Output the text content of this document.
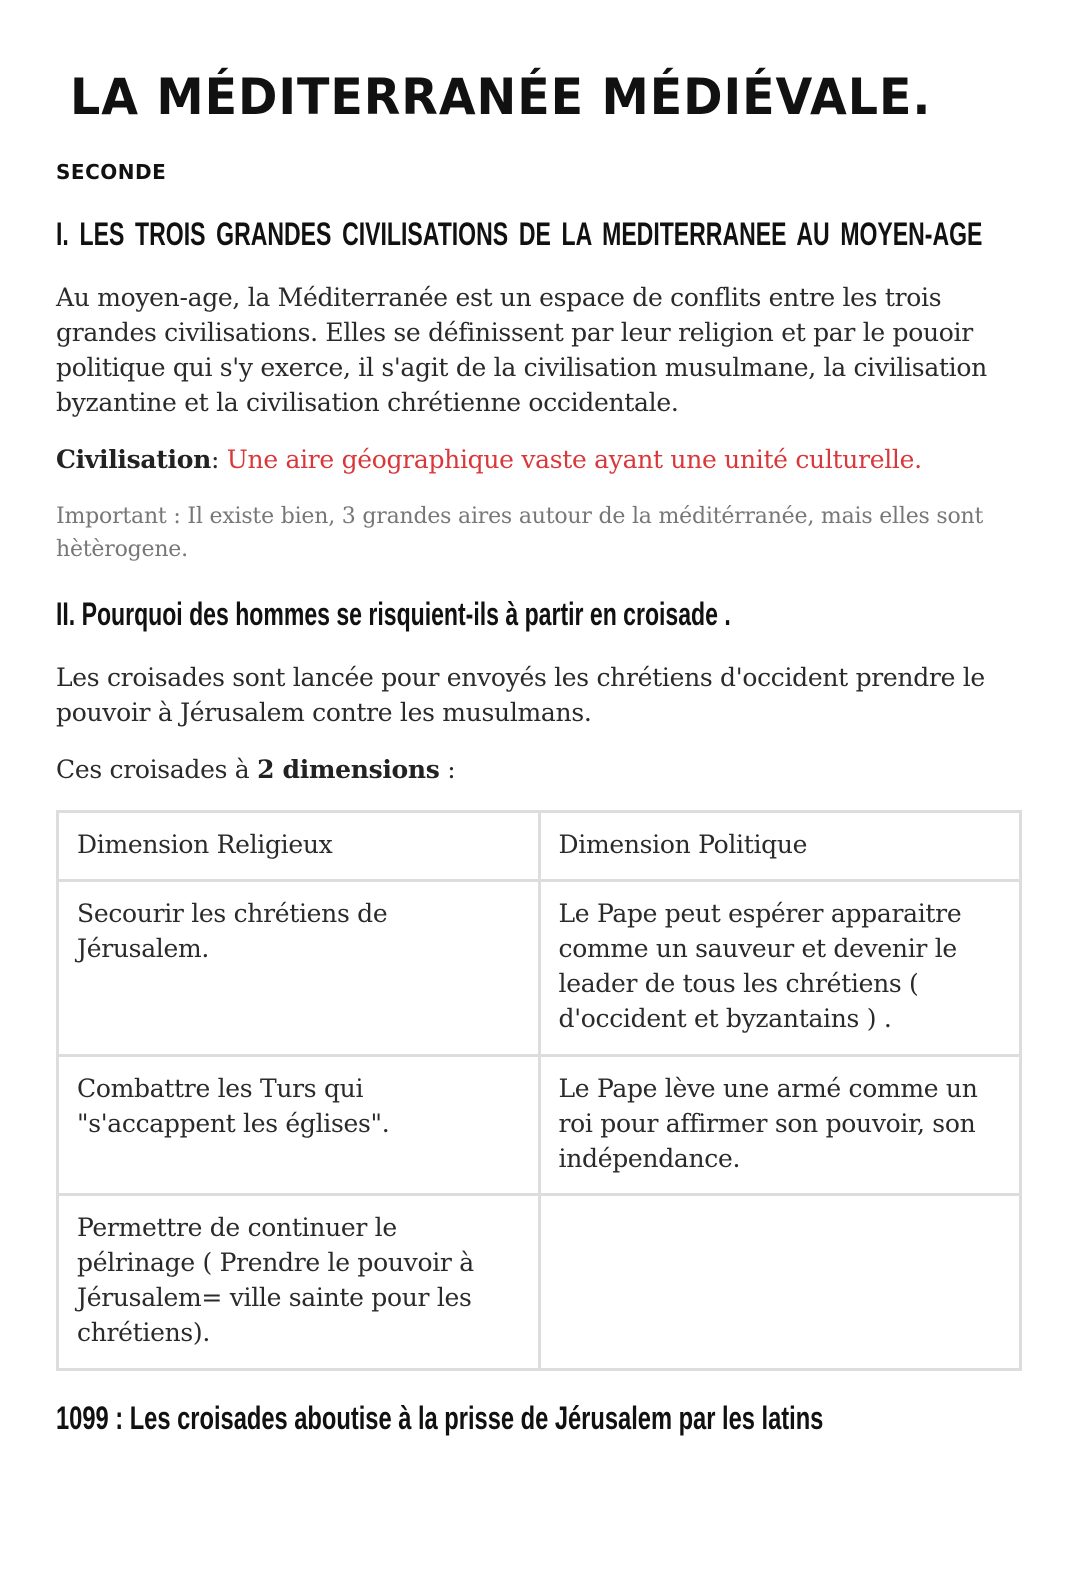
LA MÉDITERRANÉE MÉDIÉVALE.
SECONDE
I. LES TROIS GRANDES CIVILISATIONS DE LA MEDITERRANEE AU MOYEN-AGE

Au moyen-age, la Méditerranée est un espace de conflits entre les trois grandes civilisations. Elles se définissent par leur religion et par le pouoir politique qui s'y exerce, il s'agit de la civilisation musulmane, la civilisation byzantine et la civilisation chrétienne occidentale.

Civilisation: Une aire géographique vaste ayant une unité culturelle.

Important : Il existe bien, 3 grandes aires autour de la méditérranée, mais elles sont hètèrogene.

II. Pourquoi des hommes se risquient-ils à partir en croisade .

Les croisades sont lancée pour envoyés les chrétiens d'occident prendre le pouvoir à Jérusalem contre les musulmans.

Ces croisades à 2 dimensions :

Dimension Religieux	Dimension Politique
Secourir les chrétiens de Jérusalem.	Le Pape peut espérer apparaitre comme un sauveur et devenir le leader de tous les chrétiens ( d'occident et byzantains ) .
Combattre les Turs qui "s'accappent les églises".	Le Pape lève une armé comme un roi pour affirmer son pouvoir, son indépendance.
Permettre de continuer le pélrinage ( Prendre le pouvoir à Jérusalem= ville sainte pour les chrétiens).	
1099 : Les croisades aboutise à la prisse de Jérusalem par les latins
